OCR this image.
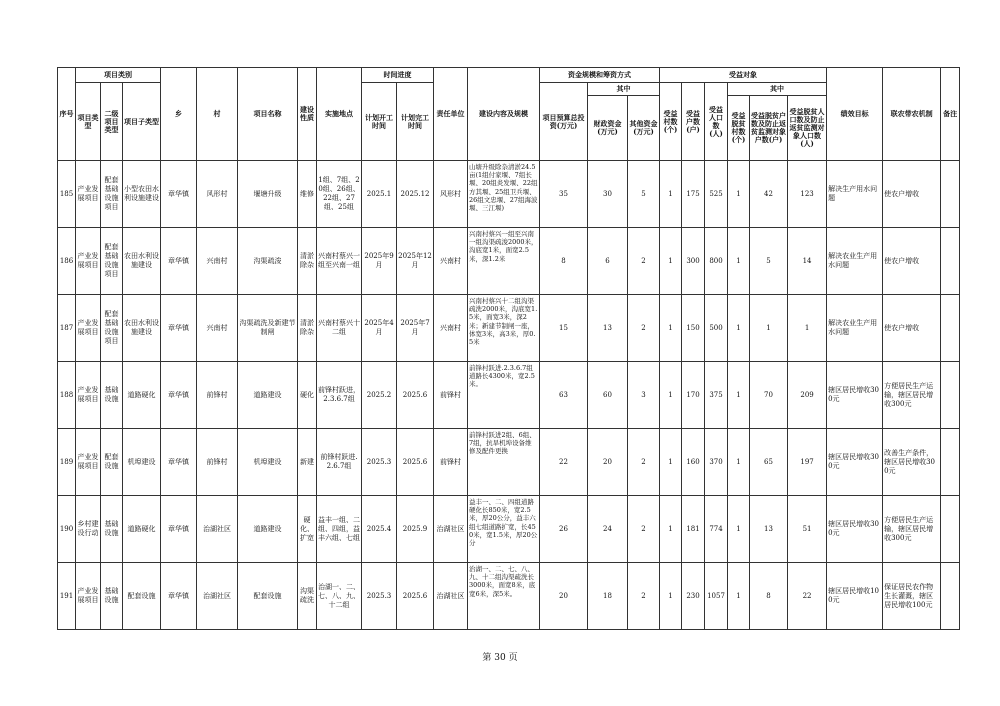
序号	项目类别			乡	村	项目名称	建设性质	实施地点	时间进度		责任单位	建设内容及规模	资金规模和筹资方式			受益对象						绩效目标	联农带农机制	备注
	项目类型	二级项目类型	项目子类型						计划开工时间	计划完工时间			项目预算总投资(万元)	其中		受益村数(个)	受益户数(户)	受益人口数(人)	其中					
														财政资金(万元)	其他资金(万元)				受益脱贫村数(个)	受益脱贫户数及防止返贫监测对象户数(户)	受益脱贫人口数及防止返贫监测对象人口数(人)			
185	产业发展项目	配套基础设施项目	小型农田水利设施建设	章华镇	风形村	堰塘升级	维修	1组、7组、20组、26组、22组、27组、25组	2025.1	2025.12	风形村	山塘升级除杂清淤24.5亩(1组付家堰、7组长堰、20组炎发堰、22组方其堰、25组卫兵堰、26组文忠堰、27组海波堰、三江堰)	35	30	5	1	175	525	1	42	123	解决生产用水问题	使农户增收	
186	产业发展项目	配套基础设施项目	农田水利设施建设	章华镇	兴南村	沟渠疏浚	清淤除杂	兴南村蔡兴一组至兴南一组	2025年9月	2025年12月	兴南村	兴南村蔡兴一组至兴南一组沟渠疏浚2000米，沟底宽1米，面宽2.5米，深1.2米	8	6	2	1	300	800	1	5	14	解决农业生产用水问题	使农户增收	
187	产业发展项目	配套基础设施项目	农田水利设施建设	章华镇	兴南村	沟渠疏洗及新建节制闸	清淤除杂	兴南村蔡兴十二组	2025年4月	2025年7月	兴南村	兴南村蔡兴十二组沟渠疏洗2000米，沟底宽1.5米，面宽3米，深2米；新建节制闸一座，体宽3米，高3米，厚0.5米	15	13	2	1	150	500	1	1	1	解决农业生产用水问题	使农户增收	
188	产业发展项目	基础设施	道路硬化	章华镇	前锋村	道路建设	硬化	前锋村跃进，2.3.6.7组	2025.2	2025.6	前锋村	前锋村跃进.2.3.6.7组道路长4300米，宽2.5米。	63	60	3	1	170	375	1	70	209	辖区居民增收300元	方便居民生产运输，辖区居民增收300元	
189	产业发展项目	配套设施	机埠建设	章华镇	前锋村	机埠建设	新建	前锋村跃进.2.6.7组	2025.3	2025.6	前锋村	前锋村跃进2组、6组、7组，抗旱机埠设备维修及配件更换	22	20	2	1	160	370	1	65	197	辖区居民增收300元	改善生产条件，辖区居民增收300元	
190	乡村建设行动	基础设施	道路硬化	章华镇	治湖社区	道路建设	硬化、扩宽	益丰一组、二组、四组，益丰六组、七组	2025.4	2025.9	治湖社区	益丰一、二、四组道路硬化长850米，宽2.5米，厚20公分，益丰六组七组道路扩宽，长450米，宽1.5米，厚20公分	26	24	2	1	181	774	1	13	51	辖区居民增收300元	方便居民生产运输，辖区居民增收300元	
191	产业发展项目	基础设施	配套设施	章华镇	治湖社区	配套设施	沟渠疏洗	治湖一、二、七、八、九、十二组	2025.3	2025.6	治湖社区	治湖一、二、七、八、九、十二组沟渠疏洗长3000米，面宽8米，底宽6米，深5米。	20	18	2	1	230	1057	1	8	22	辖区居民增收100元	保证居民农作物生长灌溉，辖区居民增收100元	
第 30 页
